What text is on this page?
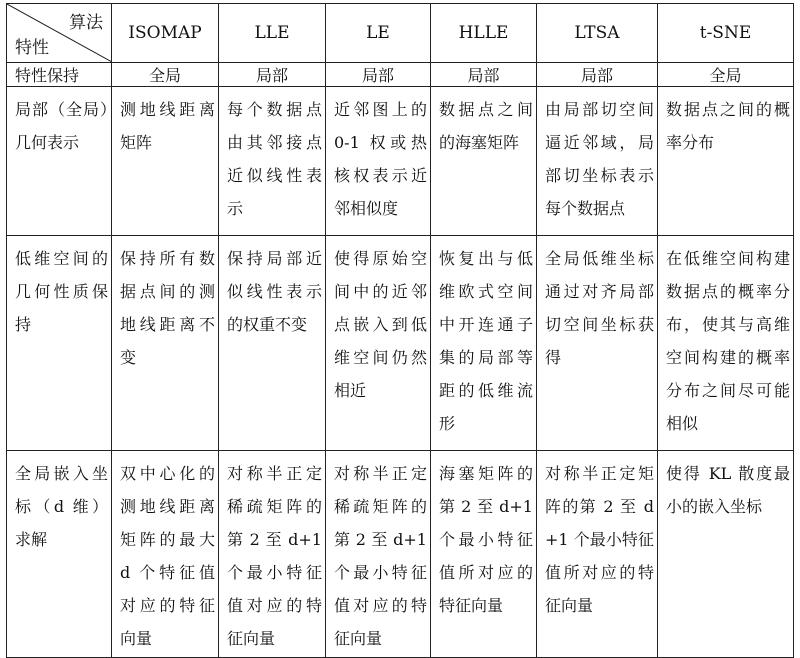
算法
特性	ISOMAP	LLE	LE	HLLE	LTSA	t-SNE
特性保持	全局	局部	局部	局部	局部	全局
局部（全局）几何表示	测地线距离矩阵	每个数据点由其邻接点近似线性表示	近邻图上的 0-1 权或热核权表示近邻相似度	数据点之间的海塞矩阵	由局部切空间逼近邻域，局部切坐标表示每个数据点	数据点之间的概率分布
低维空间的几何性质保持	保持所有数据点间的测地线距离不变	保持局部近似线性表示的权重不变	使得原始空间中的近邻点嵌入到低维空间仍然相近	恢复出与低维欧式空间中开连通子集的局部等距的低维流形	全局低维坐标通过对齐局部切空间坐标获得	在低维空间构建数据点的概率分布，使其与高维空间构建的概率分布之间尽可能相似
全局嵌入坐标（d 维）求解	双中心化的测地线距离矩阵的最大 d 个特征值对应的特征向量	对称半正定稀疏矩阵的第 2 至 d+1 个最小特征值对应的特征向量	对称半正定稀疏矩阵的第 2 至 d+1 个最小特征值对应的特征向量	海塞矩阵的第 2 至 d+1 个最小特征值所对应的特征向量	对称半正定矩阵的第 2 至 d+1 个最小特征值所对应的特征向量	使得 KL 散度最小的嵌入坐标
